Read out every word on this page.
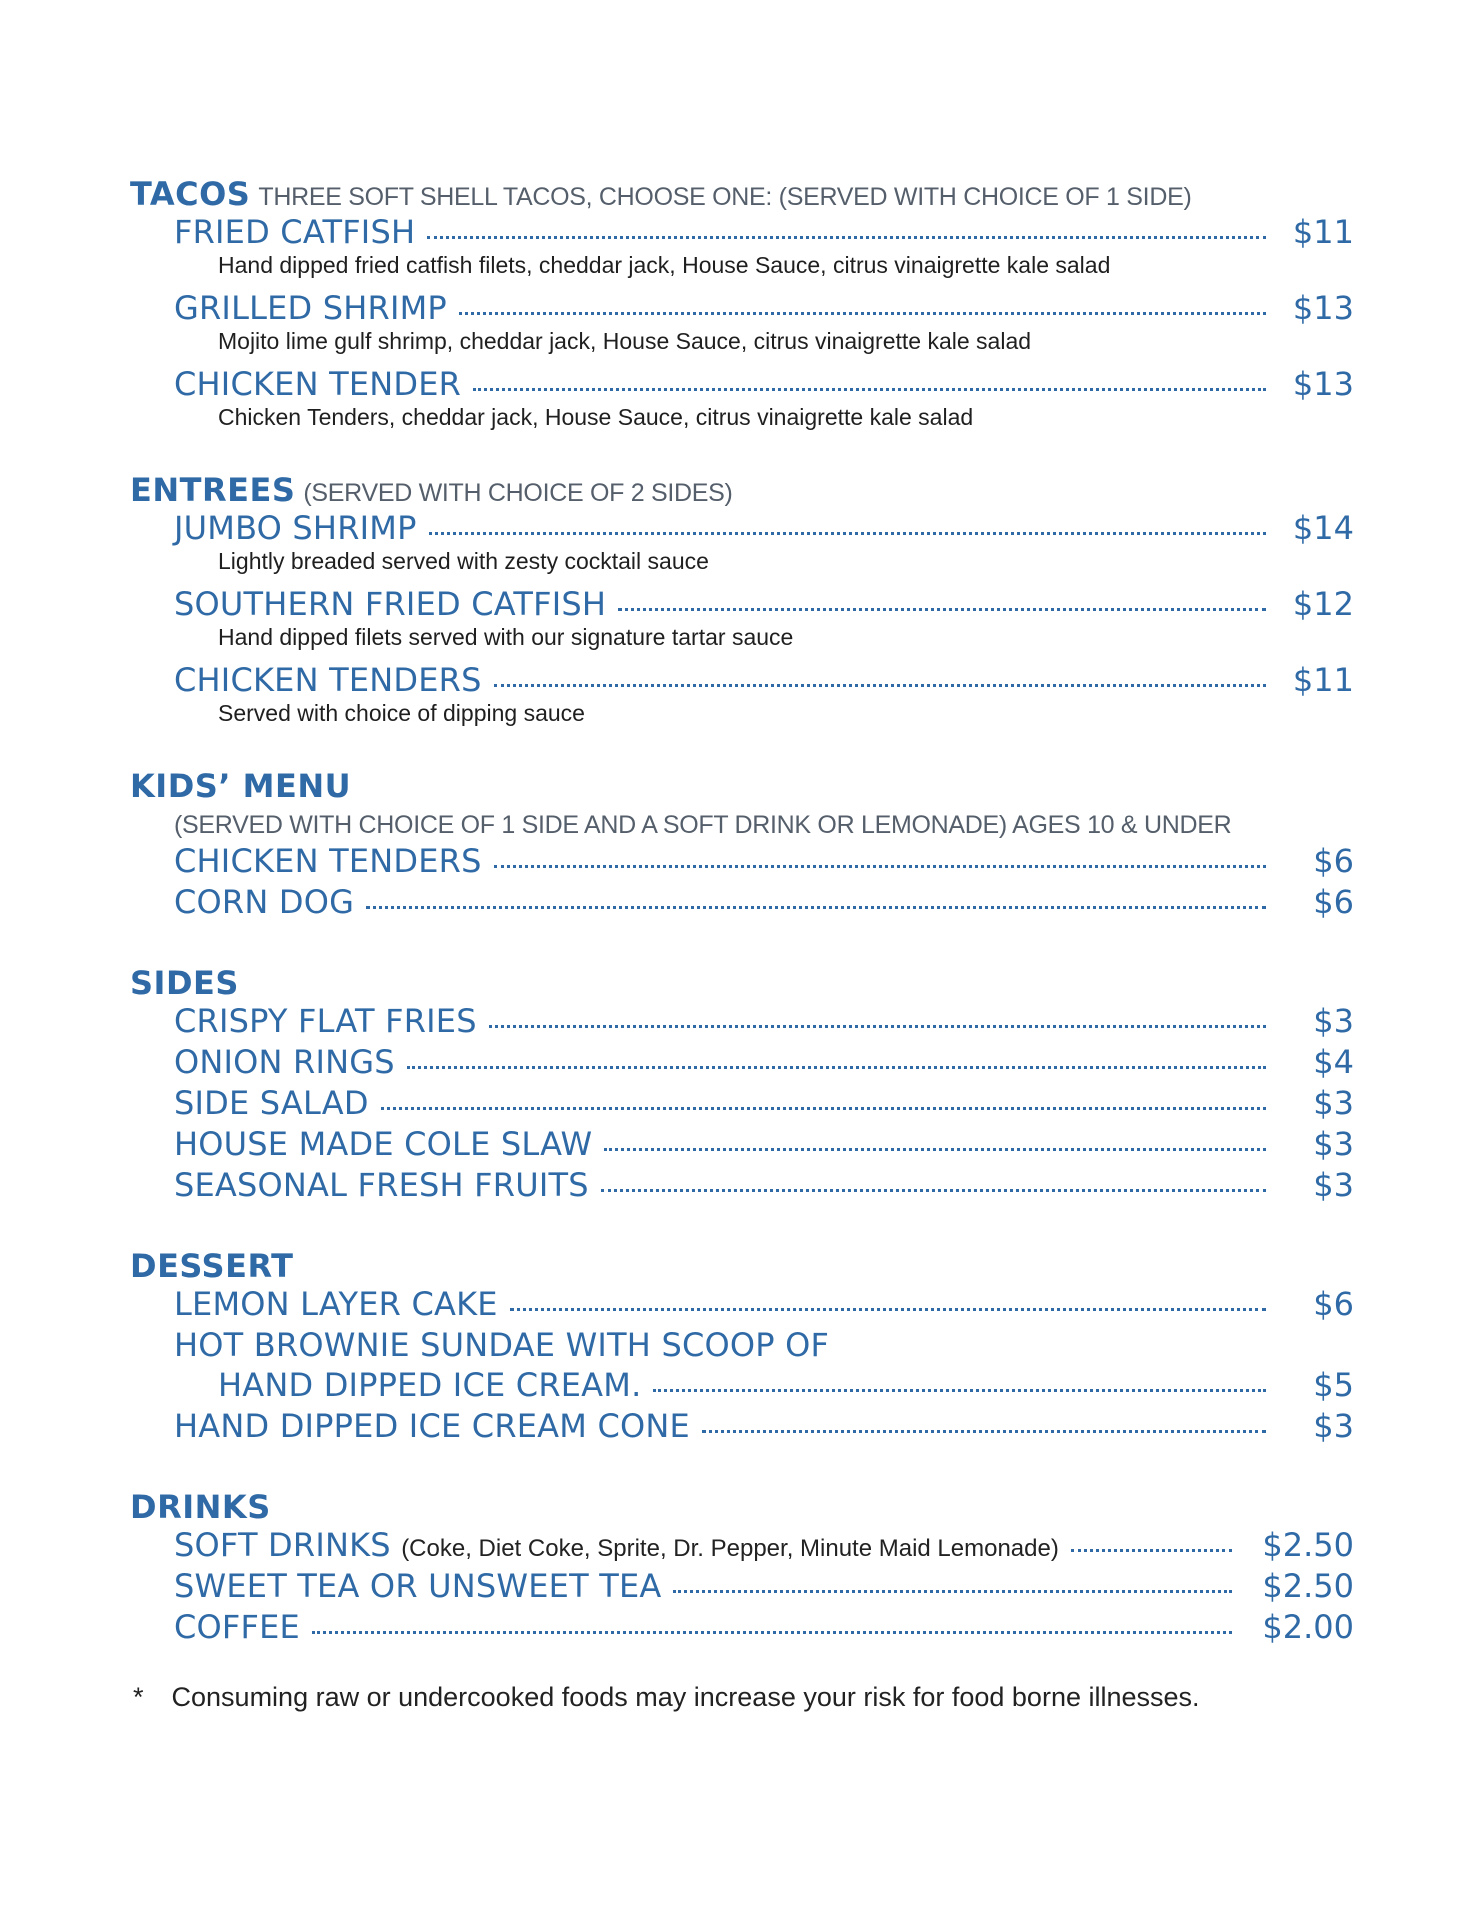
TACOS THREE SOFT SHELL TACOS, CHOOSE ONE: (SERVED WITH CHOICE OF 1 SIDE)
FRIED CATFISH	$11
Hand dipped fried catfish filets, cheddar jack, House Sauce, citrus vinaigrette kale salad
GRILLED SHRIMP	$13
Mojito lime gulf shrimp, cheddar jack, House Sauce, citrus vinaigrette kale salad
CHICKEN TENDER	$13
Chicken Tenders, cheddar jack, House Sauce, citrus vinaigrette kale salad
ENTREES (SERVED WITH CHOICE OF 2 SIDES)
JUMBO SHRIMP	$14
Lightly breaded served with zesty cocktail sauce
SOUTHERN FRIED CATFISH	$12
Hand dipped filets served with our signature tartar sauce
CHICKEN TENDERS	$11
Served with choice of dipping sauce
KIDS’ MENU
(SERVED WITH CHOICE OF 1 SIDE AND A SOFT DRINK OR LEMONADE) AGES 10 & UNDER
CHICKEN TENDERS	$6
CORN DOG	$6
SIDES
CRISPY FLAT FRIES	$3
ONION RINGS	$4
SIDE SALAD	$3
HOUSE MADE COLE SLAW	$3
SEASONAL FRESH FRUITS	$3
DESSERT
LEMON LAYER CAKE	$6
HOT BROWNIE SUNDAE WITH SCOOP OF
HAND DIPPED ICE CREAM.	$5
HAND DIPPED ICE CREAM CONE	$3
DRINKS
SOFT DRINKS (Coke, Diet Coke, Sprite, Dr. Pepper, Minute Maid Lemonade)	$2.50
SWEET TEA OR UNSWEET TEA	$2.50
COFFEE	$2.00
* Consuming raw or undercooked foods may increase your risk for food borne illnesses.
